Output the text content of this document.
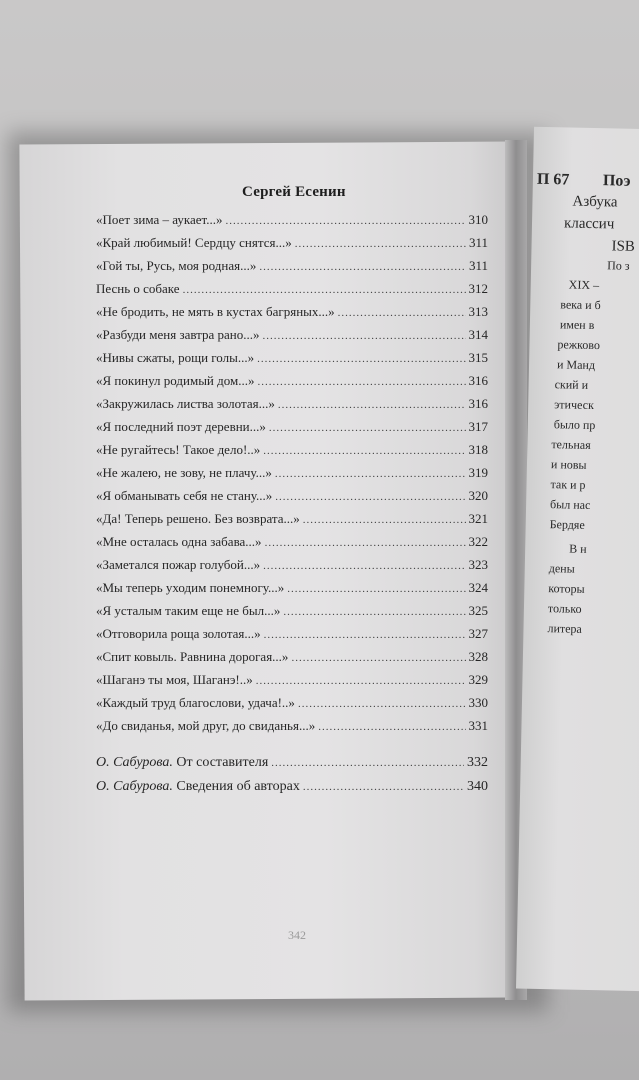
П 67 Поэ
Азбука
классич
ISB
По з
XIX –
века и б
имен в
режково
и Манд
ский и
этическ
было пр
тельная
и новы
так и р
был нас
Бердяе
В н
дены
которы
только
литера
Сергей Есенин
«Поет зима – аукает...» .....	310
«Край любимый! Сердцу снятся...» .....	311
«Гой ты, Русь, моя родная...» .....	311
Песнь о собаке .....	312
«Не бродить, не мять в кустах багряных...» .....	313
«Разбуди меня завтра рано...» .....	314
«Нивы сжаты, рощи голы...» .....	315
«Я покинул родимый дом...» .....	316
«Закружилась листва золотая...» .....	316
«Я последний поэт деревни...» .....	317
«Не ругайтесь! Такое дело!..» .....	318
«Не жалею, не зову, не плачу...» .....	319
«Я обманывать себя не стану...» .....	320
«Да! Теперь решено. Без возврата...» .....	321
«Мне осталась одна забава...» .....	322
«Заметался пожар голубой...» .....	323
«Мы теперь уходим понемногу...» .....	324
«Я усталым таким еще не был...» .....	325
«Отговорила роща золотая...» .....	327
«Спит ковыль. Равнина дорогая...» .....	328
«Шаганэ ты моя, Шаганэ!..» .....	329
«Каждый труд благослови, удача!..» .....	330
«До свиданья, мой друг, до свиданья...» .....	331
О. Сабурова. От составителя .....	332
О. Сабурова. Сведения об авторах .....	340
342
